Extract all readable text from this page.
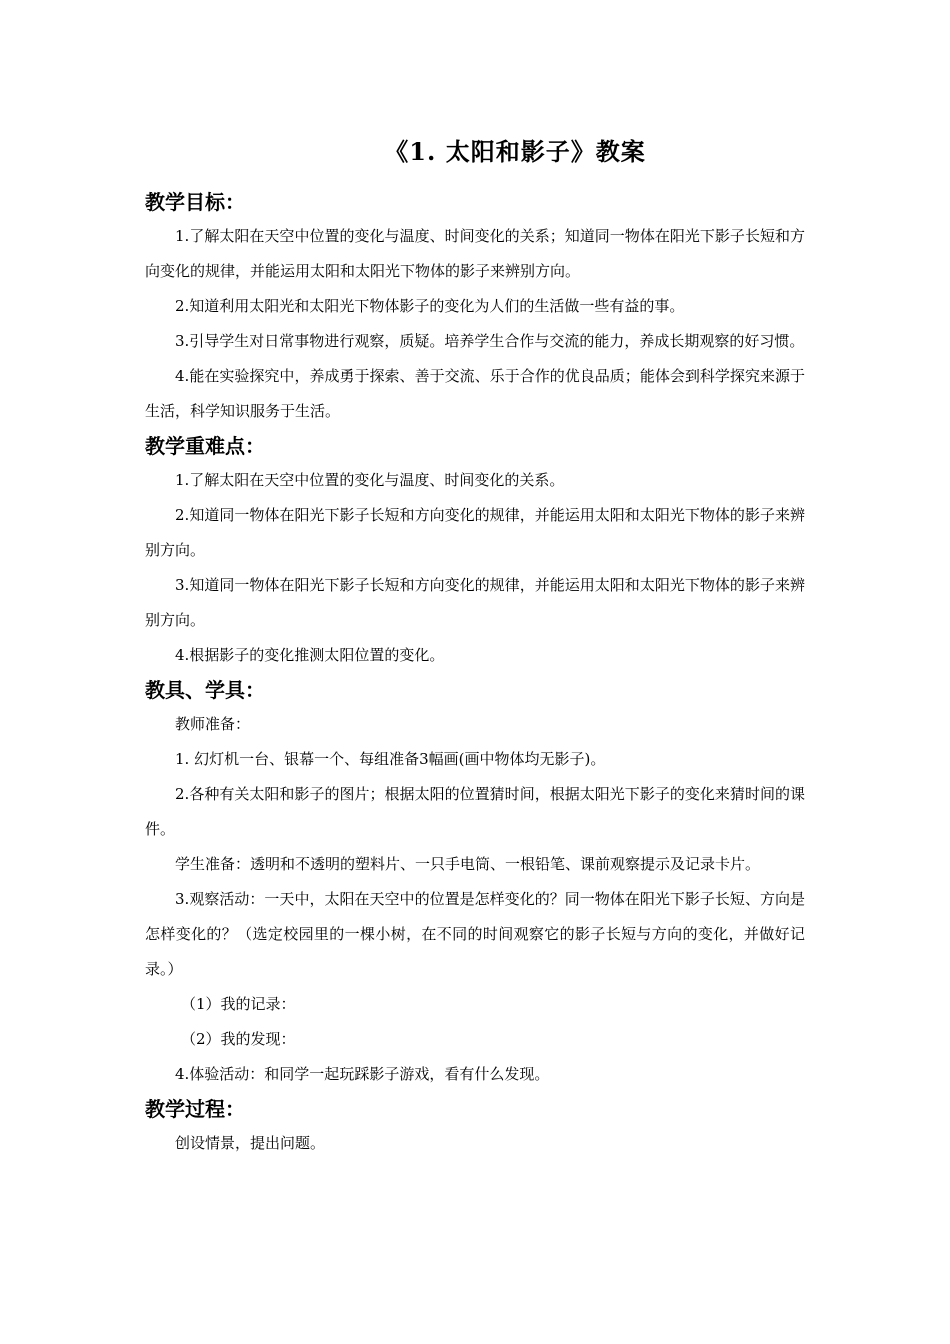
《1. 太阳和影子》教案
教学目标：

1.了解太阳在天空中位置的变化与温度、时间变化的关系；知道同一物体在阳光下影子长短和方向变化的规律，并能运用太阳和太阳光下物体的影子来辨别方向。

2.知道利用太阳光和太阳光下物体影子的变化为人们的生活做一些有益的事。

3.引导学生对日常事物进行观察，质疑。培养学生合作与交流的能力，养成长期观察的好习惯。

4.能在实验探究中，养成勇于探索、善于交流、乐于合作的优良品质；能体会到科学探究来源于生活，科学知识服务于生活。

教学重难点：

1.了解太阳在天空中位置的变化与温度、时间变化的关系。

2.知道同一物体在阳光下影子长短和方向变化的规律，并能运用太阳和太阳光下物体的影子来辨别方向。

3.知道同一物体在阳光下影子长短和方向变化的规律，并能运用太阳和太阳光下物体的影子来辨别方向。

4.根据影子的变化推测太阳位置的变化。

教具、学具：

教师准备：

1. 幻灯机一台、银幕一个、每组准备3幅画(画中物体均无影子)。

2.各种有关太阳和影子的图片；根据太阳的位置猜时间，根据太阳光下影子的变化来猜时间的课件。

学生准备：透明和不透明的塑料片、一只手电筒、一根铅笔、课前观察提示及记录卡片。

3.观察活动：一天中，太阳在天空中的位置是怎样变化的？同一物体在阳光下影子长短、方向是怎样变化的？（选定校园里的一棵小树，在不同的时间观察它的影子长短与方向的变化，并做好记录。）

（1）我的记录：

（2）我的发现：

4.体验活动：和同学一起玩踩影子游戏，看有什么发现。

教学过程：

创设情景，提出问题。
